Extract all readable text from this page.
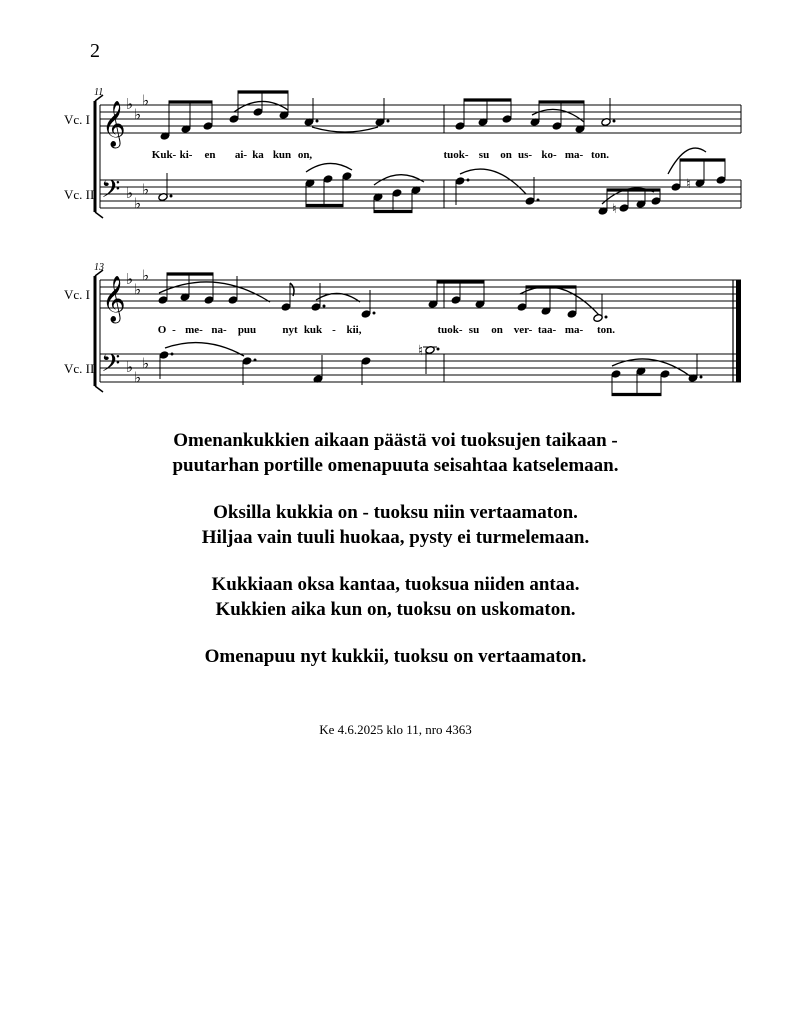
2
Vc. I
Vc. II
11
𝄞
𝄢
♭
♭
♭
♭
♭
♭
Kuk- ki- en ai- ka kun on,	tuok- su on us- ko- ma- ton.
♮
♮
Vc. I
Vc. II
13
𝄞
𝄢
♭
♭
♭
♭
♭
♭
O - me- na- puu nyt kuk - kii,	tuok- su on ver- taa- ma- ton.
♮
Omenankukkien aikaan päästä voi tuoksujen taikaan -
puutarhan portille omenapuuta seisahtaa katselemaan.
Oksilla kukkia on - tuoksu niin vertaamaton.
Hiljaa vain tuuli huokaa, pysty ei turmelemaan.
Kukkiaan oksa kantaa, tuoksua niiden antaa.
Kukkien aika kun on, tuoksu on uskomaton.
Omenapuu nyt kukkii, tuoksu on vertaamaton.
Ke 4.6.2025 klo 11, nro 4363
